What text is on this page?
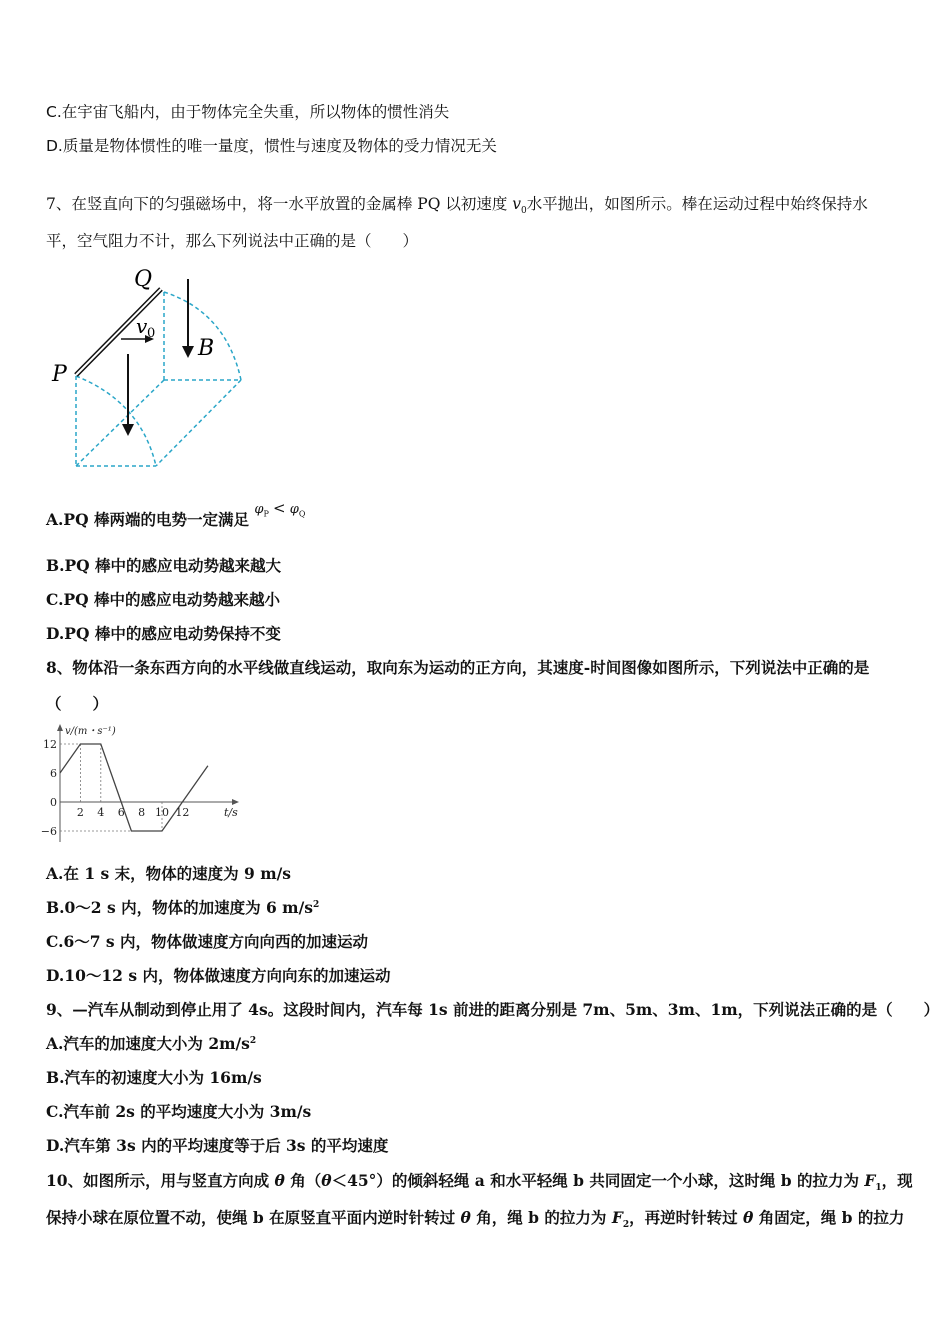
C.在宇宙飞船内，由于物体完全失重，所以物体的惯性消失
D.质量是物体惯性的唯一量度，惯性与速度及物体的受力情况无关
7、在竖直向下的匀强磁场中，将一水平放置的金属棒 PQ 以初速度 $v_0$水平抛出，如图所示。棒在运动过程中始终保持水
平，空气阻力不计，那么下列说法中正确的是（　　）
Q
P
v 0
B
A.PQ 棒两端的电势一定满足 $^{\varphi_P < \varphi_Q}$
B.PQ 棒中的感应电动势越来越大
C.PQ 棒中的感应电动势越来越小
D.PQ 棒中的感应电动势保持不变
8、物体沿一条东西方向的水平线做直线运动，取向东为运动的正方向，其速度-时间图像如图所示，下列说法中正确的是
（　　）
2 4 6 8 10 12
12
6
0
−6
v/(m・s⁻¹)
t/s
A.在 1 s 末，物体的速度为 9 m/s
B.0～2 s 内，物体的加速度为 6 $m/s^2$
C.6～7 s 内，物体做速度方向向西的加速运动
D.10～12 s 内，物体做速度方向向东的加速运动
9、—汽车从制动到停止用了 4s。这段时间内，汽车每 1s 前进的距离分别是 7m、5m、3m、1m，下列说法正确的是（　　）
A.汽车的加速度大小为 $2m/s^2$
B.汽车的初速度大小为 16m/s
C.汽车前 2s 的平均速度大小为 3m/s
D.汽车第 3s 内的平均速度等于后 3s 的平均速度
10、如图所示，用与竖直方向成 θ 角（θ＜45°）的倾斜轻绳 a 和水平轻绳 b 共同固定一个小球，这时绳 b 的拉力为 $F_1$，现
保持小球在原位置不动，使绳 b 在原竖直平面内逆时针转过 θ 角，绳 b 的拉力为 $F_2$，再逆时针转过 θ 角固定，绳 b 的拉力
